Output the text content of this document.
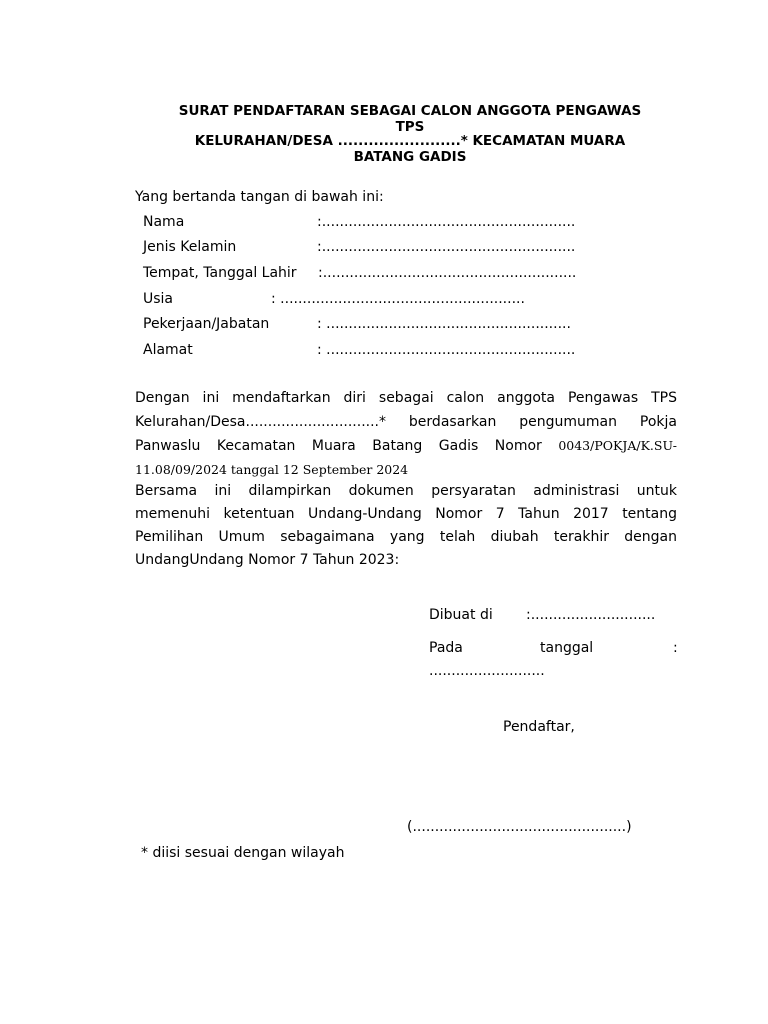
SURAT PENDAFTARAN SEBAGAI CALON ANGGOTA PENGAWAS
TPS
KELURAHAN/DESA ........................* KECAMATAN MUARA
BATANG GADIS

Yang bertanda tangan di bawah ini:

Nama	:.........................................................
Jenis Kelamin	:.........................................................
Tempat, Tanggal Lahir :.........................................................
Usia	: .......................................................
Pekerjaan/Jabatan	: .......................................................
Alamat	: ........................................................

Dengan ini mendaftarkan diri sebagai calon anggota Pengawas TPS Kelurahan/Desa..............................* berdasarkan pengumuman Pokja Panwaslu Kecamatan Muara Batang Gadis Nomor 0043/POKJA/K.SU-11.08/09/2024 tanggal 12 September 2024

Bersama ini dilampirkan dokumen persyaratan administrasi untuk memenuhi ketentuan Undang-Undang Nomor 7 Tahun 2017 tentang Pemilihan Umum sebagaimana yang telah diubah terakhir dengan UndangUndang Nomor 7 Tahun 2023:

Dibuat di :............................
Pada	tanggal	:
..........................
Pendaftar,
(................................................)
* diisi sesuai dengan wilayah
